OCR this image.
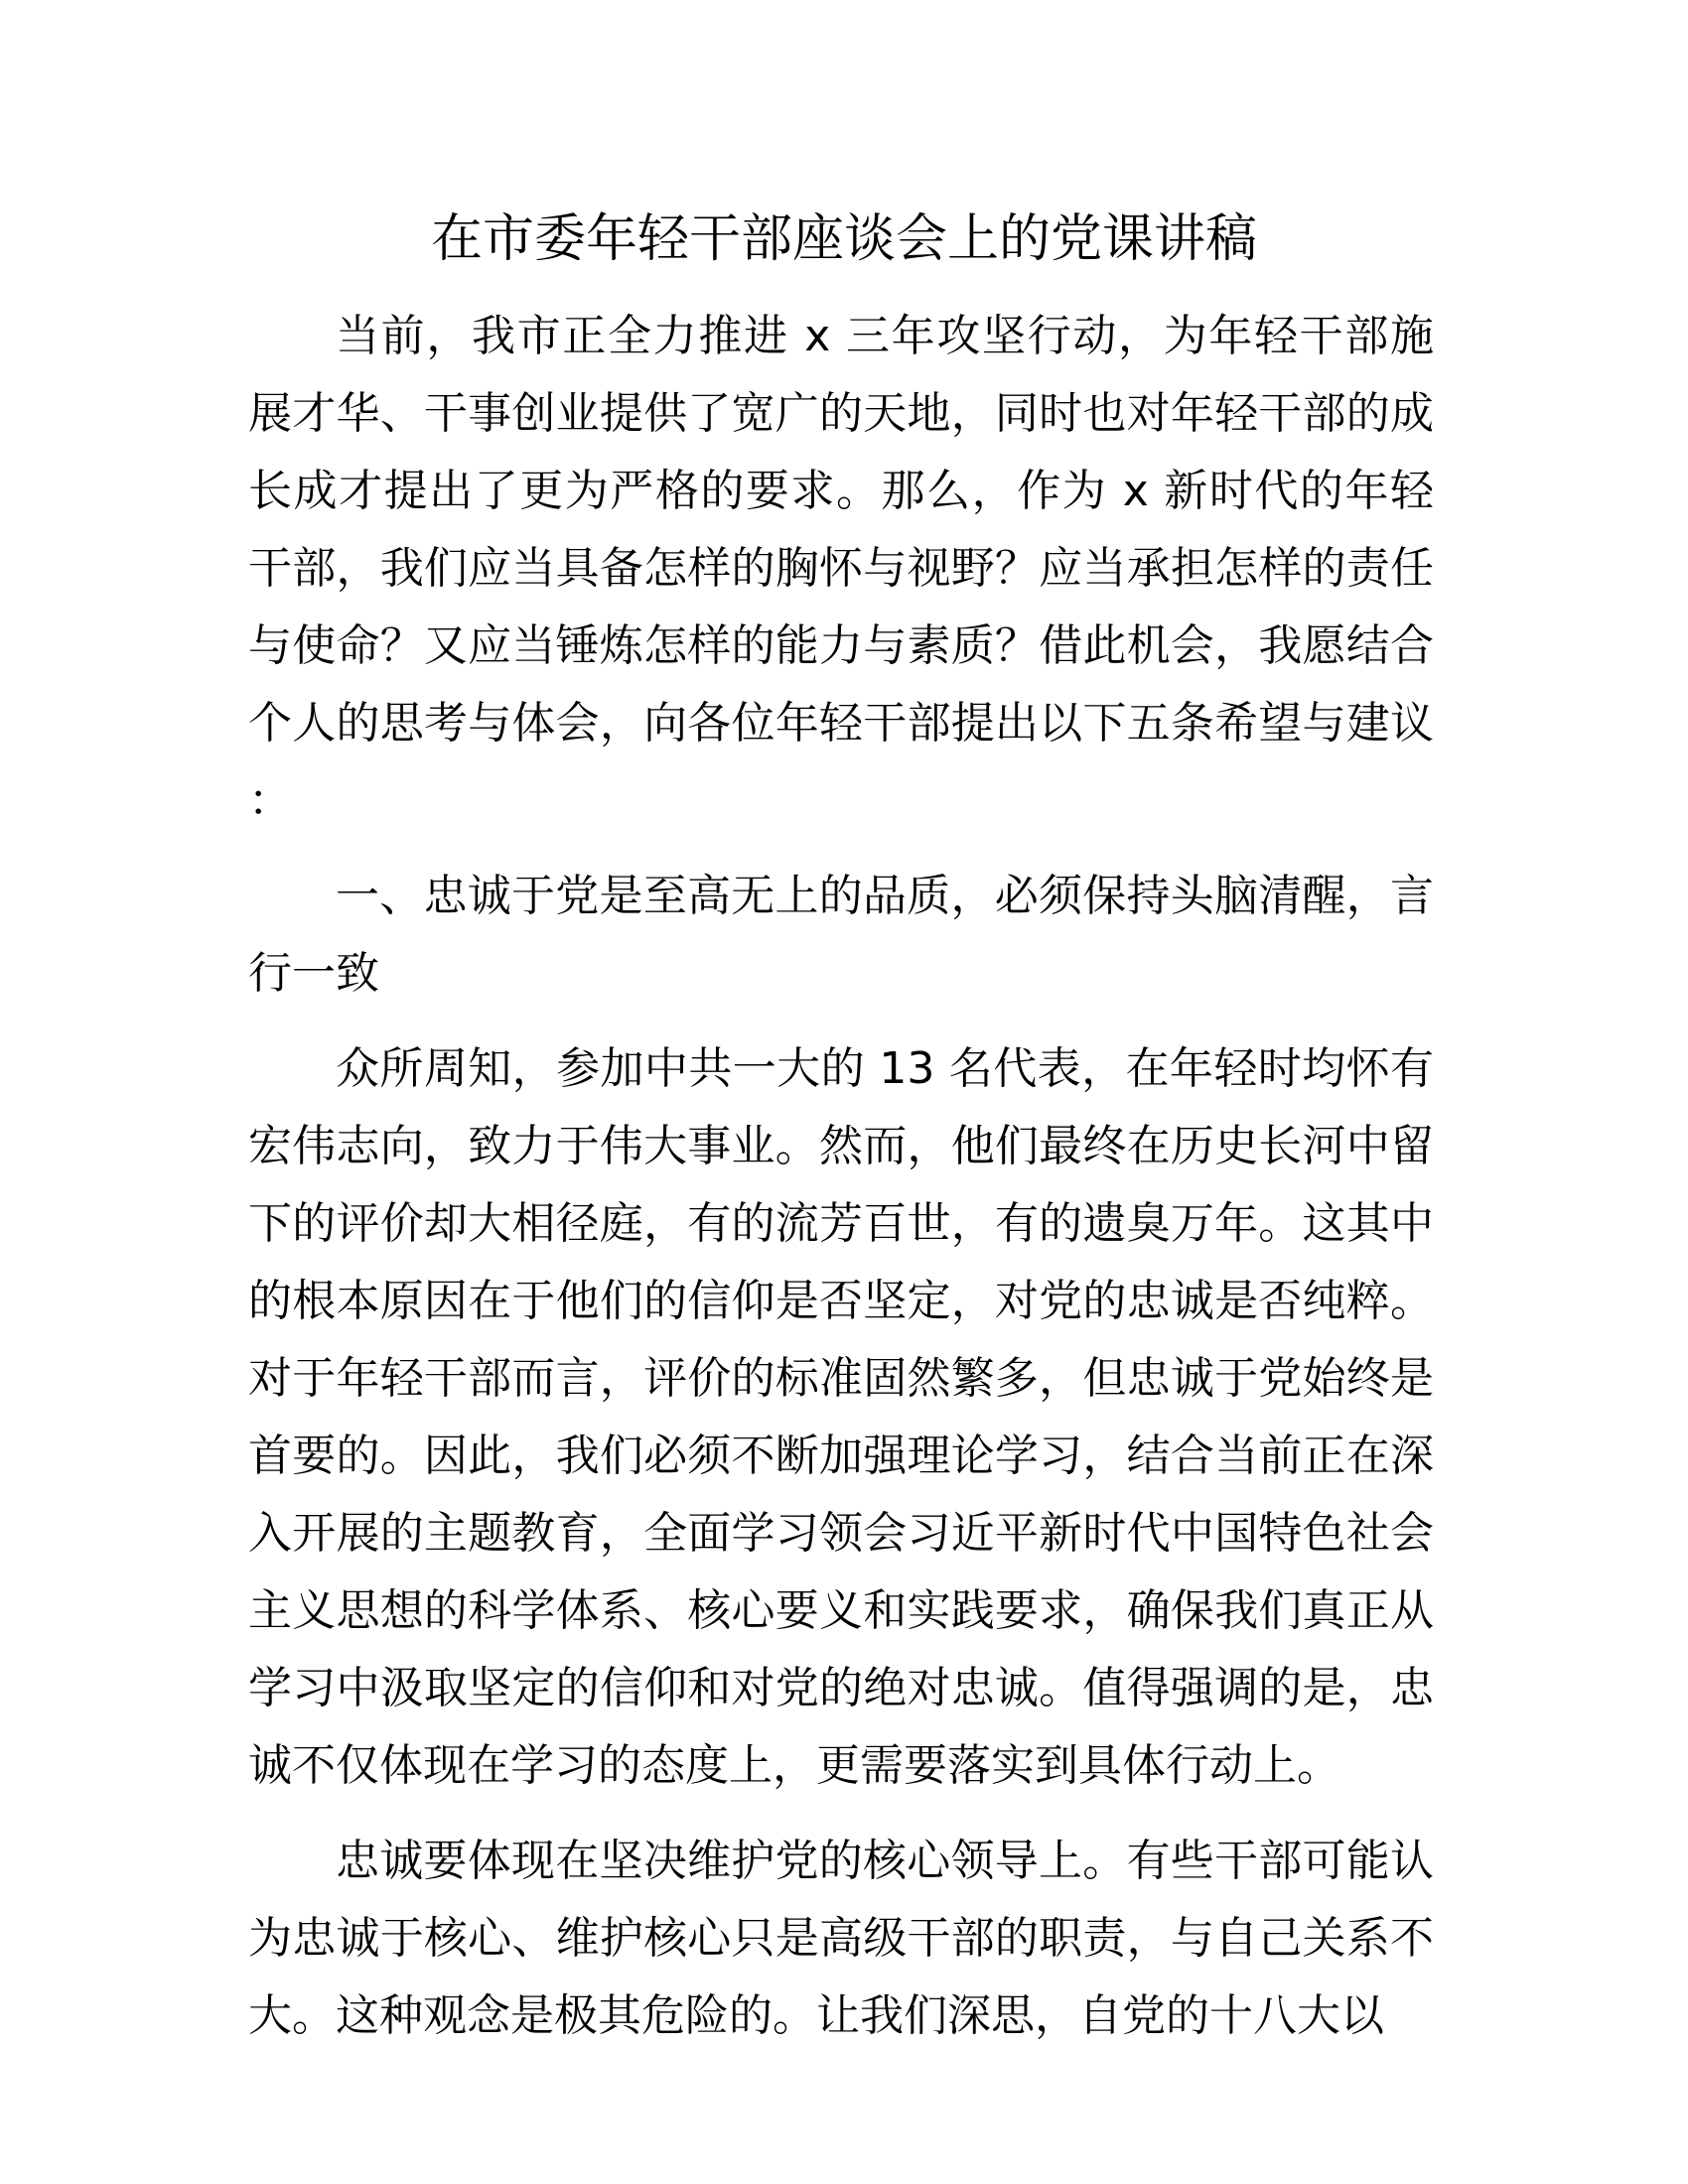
在市委年轻干部座谈会上的党课讲稿

当前，我市正全力推进 x 三年攻坚行动，为年轻干部施展才华、干事创业提供了宽广的天地，同时也对年轻干部的成长成才提出了更为严格的要求。那么，作为 x 新时代的年轻干部，我们应当具备怎样的胸怀与视野？应当承担怎样的责任与使命？又应当锤炼怎样的能力与素质？借此机会，我愿结合个人的思考与体会，向各位年轻干部提出以下五条希望与建议：

一、忠诚于党是至高无上的品质，必须保持头脑清醒，言行一致

众所周知，参加中共一大的 13 名代表，在年轻时均怀有宏伟志向，致力于伟大事业。然而，他们最终在历史长河中留下的评价却大相径庭，有的流芳百世，有的遗臭万年。这其中的根本原因在于他们的信仰是否坚定，对党的忠诚是否纯粹。对于年轻干部而言，评价的标准固然繁多，但忠诚于党始终是首要的。因此，我们必须不断加强理论学习，结合当前正在深入开展的主题教育，全面学习领会习近平新时代中国特色社会主义思想的科学体系、核心要义和实践要求，确保我们真正从学习中汲取坚定的信仰和对党的绝对忠诚。值得强调的是，忠诚不仅体现在学习的态度上，更需要落实到具体行动上。

忠诚要体现在坚决维护党的核心领导上。有些干部可能认为忠诚于核心、维护核心只是高级干部的职责，与自己关系不大。这种观念是极其危险的。让我们深思，自党的十八大以
